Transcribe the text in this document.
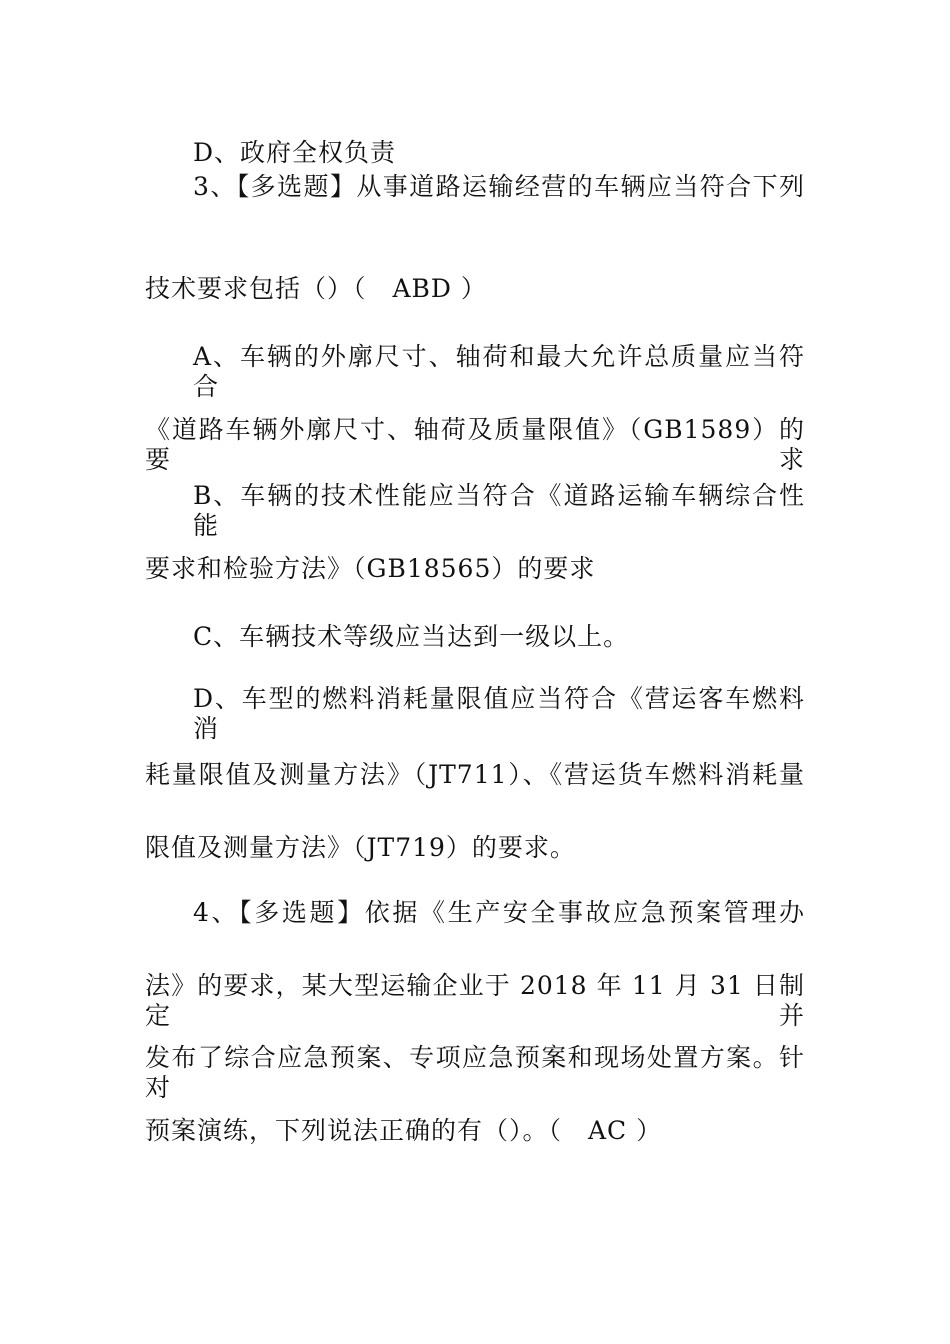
D、政府全权负责
3、【多选题】从事道路运输经营的车辆应当符合下列
技术要求包括（）（　ABD ）
A、车辆的外廓尺寸、轴荷和最大允许总质量应当符合
《道路车辆外廓尺寸、轴荷及质量限值》（GB1589）的要求
B、车辆的技术性能应当符合《道路运输车辆综合性能
要求和检验方法》（GB18565）的要求
C、车辆技术等级应当达到一级以上。
D、车型的燃料消耗量限值应当符合《营运客车燃料消
耗量限值及测量方法》（JT711）、《营运货车燃料消耗量
限值及测量方法》（JT719）的要求。
4、【多选题】依据《生产安全事故应急预案管理办
法》的要求，某大型运输企业于 2018 年 11 月 31 日制定并
发布了综合应急预案、专项应急预案和现场处置方案。针对
预案演练，下列说法正确的有（）。（　AC ）
